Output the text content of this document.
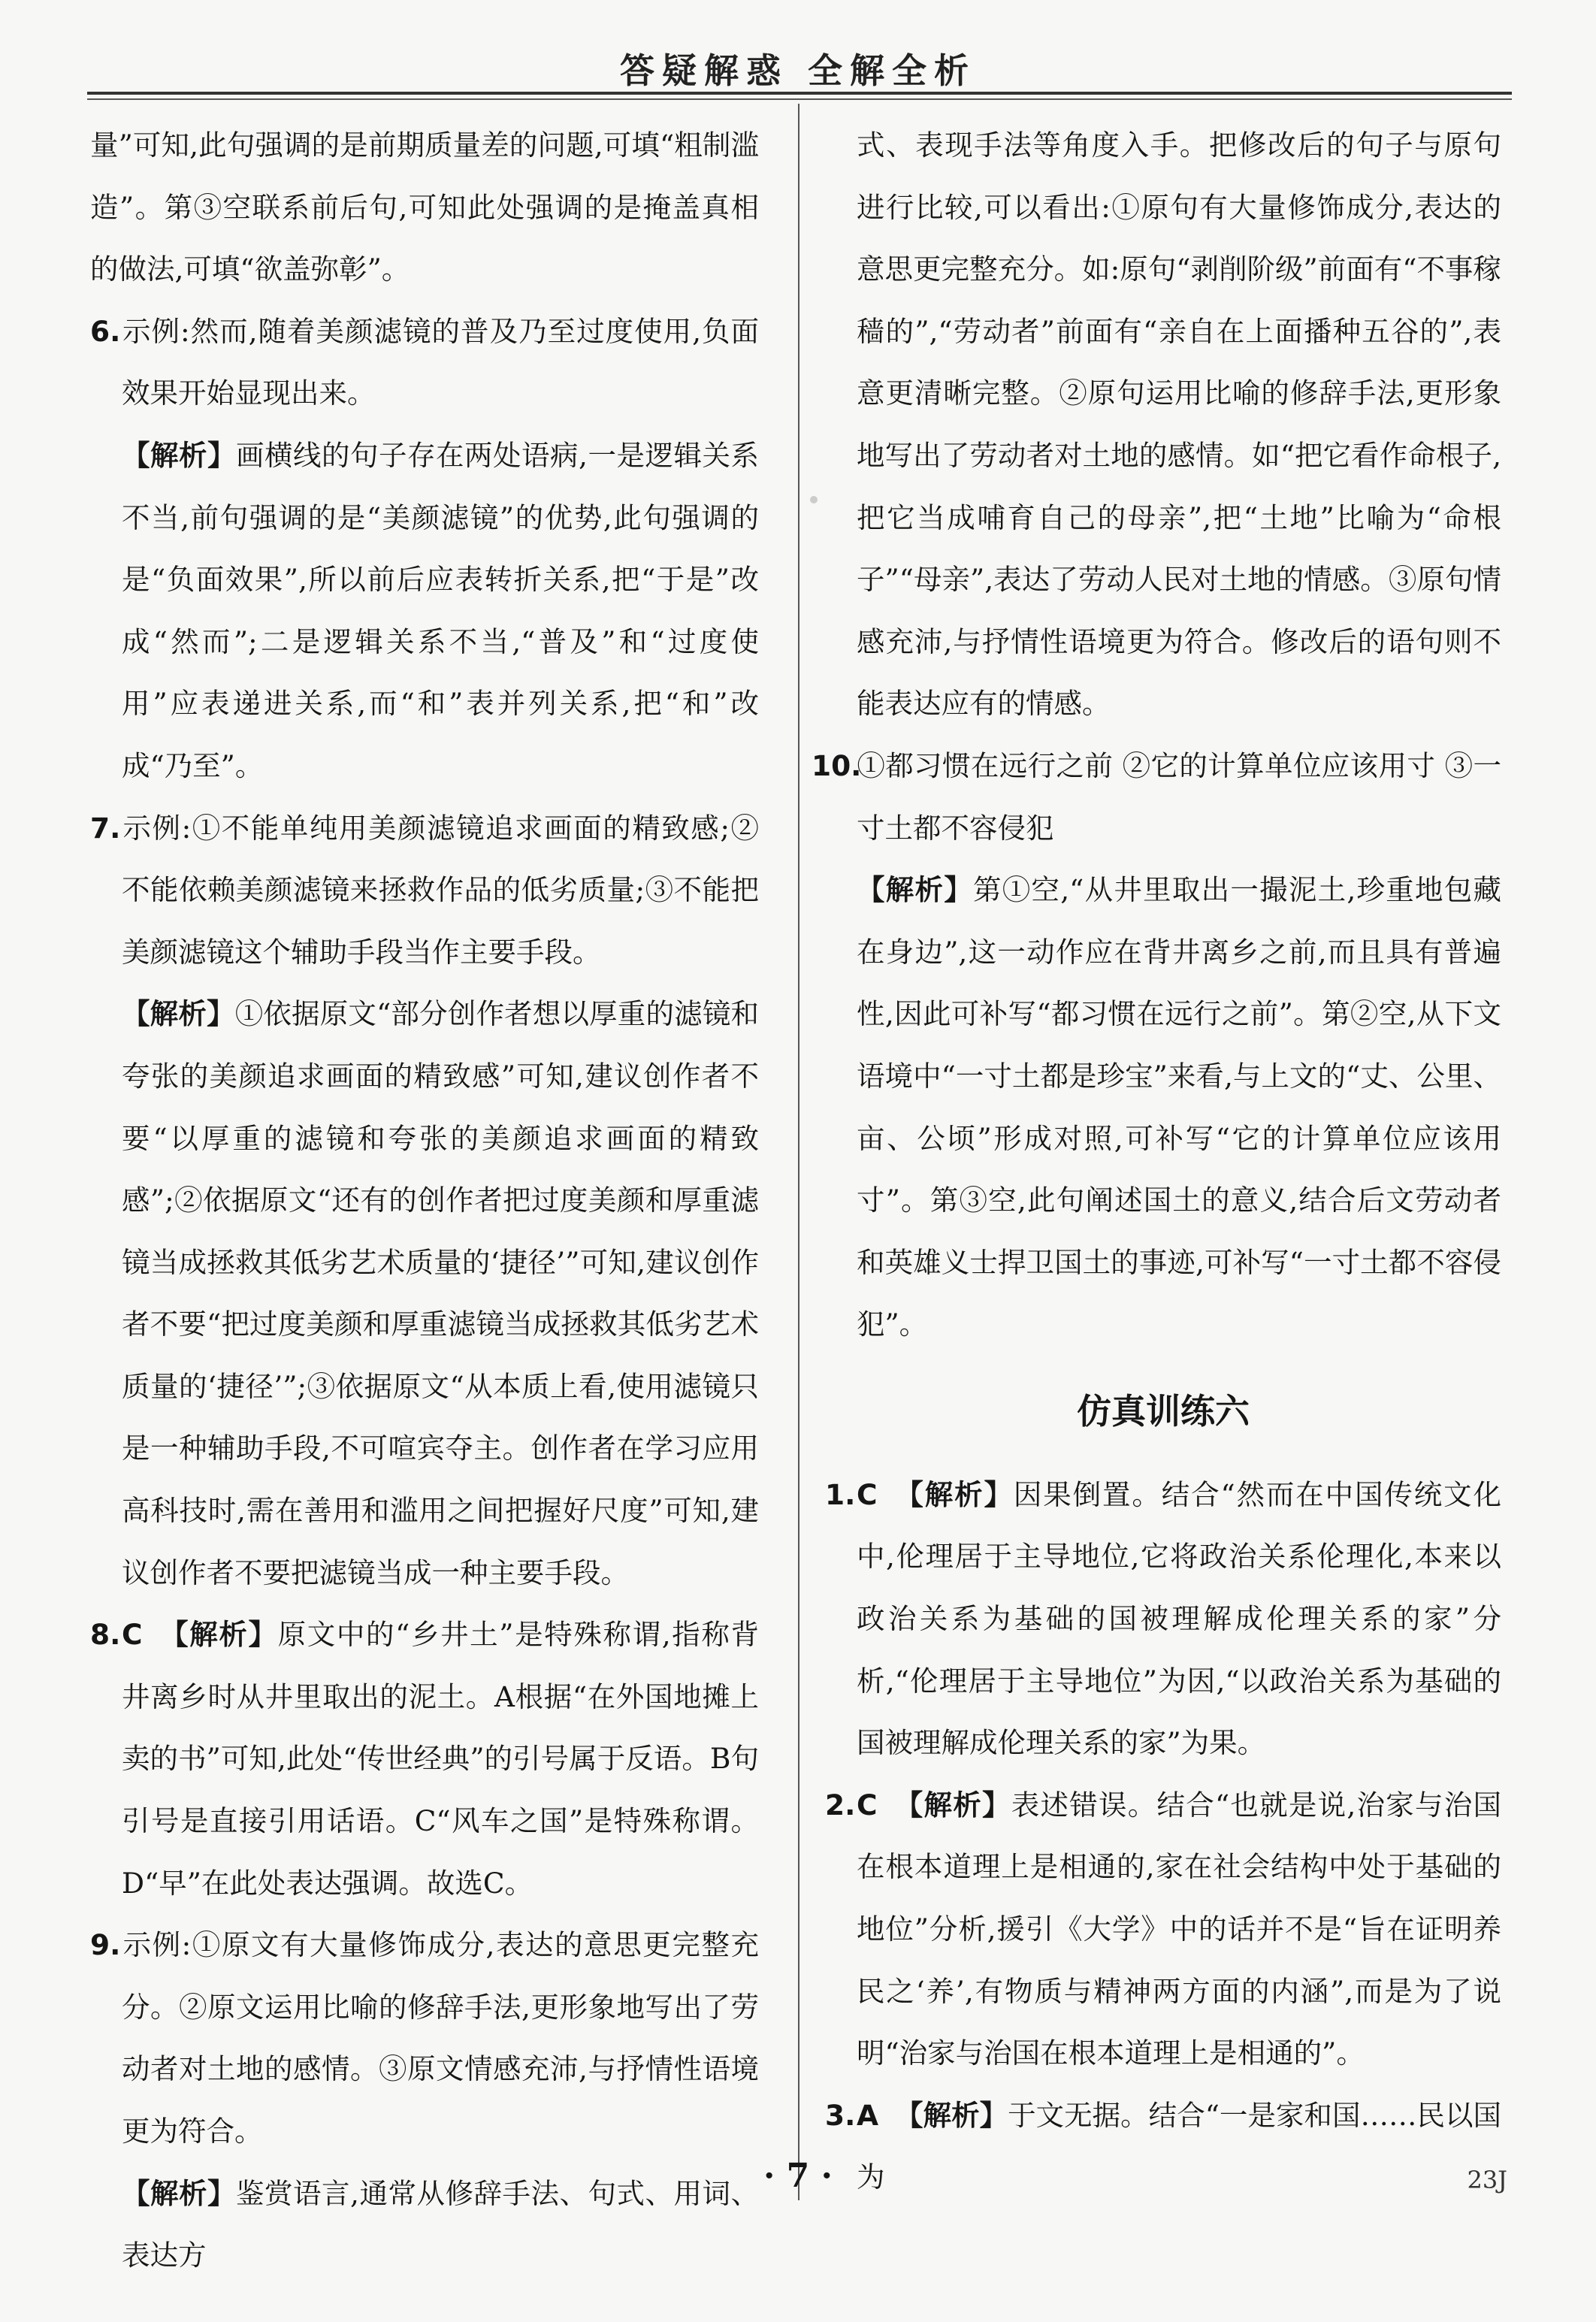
答疑解惑 全解全析

量”可知,此句强调的是前期质量差的问题,可填“粗制滥造”。第③空联系前后句,可知此处强调的是掩盖真相的做法,可填“欲盖弥彰”。

6.示例:然而,随着美颜滤镜的普及乃至过度使用,负面效果开始显现出来。

【解析】画横线的句子存在两处语病,一是逻辑关系不当,前句强调的是“美颜滤镜”的优势,此句强调的是“负面效果”,所以前后应表转折关系,把“于是”改成“然而”;二是逻辑关系不当,“普及”和“过度使用”应表递进关系,而“和”表并列关系,把“和”改成“乃至”。

7.示例:①不能单纯用美颜滤镜追求画面的精致感;②不能依赖美颜滤镜来拯救作品的低劣质量;③不能把美颜滤镜这个辅助手段当作主要手段。

【解析】①依据原文“部分创作者想以厚重的滤镜和夸张的美颜追求画面的精致感”可知,建议创作者不要“以厚重的滤镜和夸张的美颜追求画面的精致感”;②依据原文“还有的创作者把过度美颜和厚重滤镜当成拯救其低劣艺术质量的‘捷径’”可知,建议创作者不要“把过度美颜和厚重滤镜当成拯救其低劣艺术质量的‘捷径’”;③依据原文“从本质上看,使用滤镜只是一种辅助手段,不可喧宾夺主。创作者在学习应用高科技时,需在善用和滥用之间把握好尺度”可知,建议创作者不要把滤镜当成一种主要手段。

8.C 【解析】原文中的“乡井土”是特殊称谓,指称背井离乡时从井里取出的泥土。A根据“在外国地摊上卖的书”可知,此处“传世经典”的引号属于反语。B句引号是直接引用话语。C“风车之国”是特殊称谓。D“早”在此处表达强调。故选C。

9.示例:①原文有大量修饰成分,表达的意思更完整充分。②原文运用比喻的修辞手法,更形象地写出了劳动者对土地的感情。③原文情感充沛,与抒情性语境更为符合。

【解析】鉴赏语言,通常从修辞手法、句式、用词、表达方

式、表现手法等角度入手。把修改后的句子与原句进行比较,可以看出:①原句有大量修饰成分,表达的意思更完整充分。如:原句“剥削阶级”前面有“不事稼穑的”,“劳动者”前面有“亲自在上面播种五谷的”,表意更清晰完整。②原句运用比喻的修辞手法,更形象地写出了劳动者对土地的感情。如“把它看作命根子,把它当成哺育自己的母亲”,把“土地”比喻为“命根子”“母亲”,表达了劳动人民对土地的情感。③原句情感充沛,与抒情性语境更为符合。修改后的语句则不能表达应有的情感。

10.①都习惯在远行之前 ②它的计算单位应该用寸 ③一寸土都不容侵犯

【解析】第①空,“从井里取出一撮泥土,珍重地包藏在身边”,这一动作应在背井离乡之前,而且具有普遍性,因此可补写“都习惯在远行之前”。第②空,从下文语境中“一寸土都是珍宝”来看,与上文的“丈、公里、亩、公顷”形成对照,可补写“它的计算单位应该用寸”。第③空,此句阐述国土的意义,结合后文劳动者和英雄义士捍卫国土的事迹,可补写“一寸土都不容侵犯”。

仿真训练六

1.C 【解析】因果倒置。结合“然而在中国传统文化中,伦理居于主导地位,它将政治关系伦理化,本来以政治关系为基础的国被理解成伦理关系的家”分析,“伦理居于主导地位”为因,“以政治关系为基础的国被理解成伦理关系的家”为果。

2.C 【解析】表述错误。结合“也就是说,治家与治国在根本道理上是相通的,家在社会结构中处于基础的地位”分析,援引《大学》中的话并不是“旨在证明养民之‘养’,有物质与精神两方面的内涵”,而是为了说明“治家与治国在根本道理上是相通的”。

3.A 【解析】于文无据。结合“一是家和国……民以国为

· 7 ·	23J
